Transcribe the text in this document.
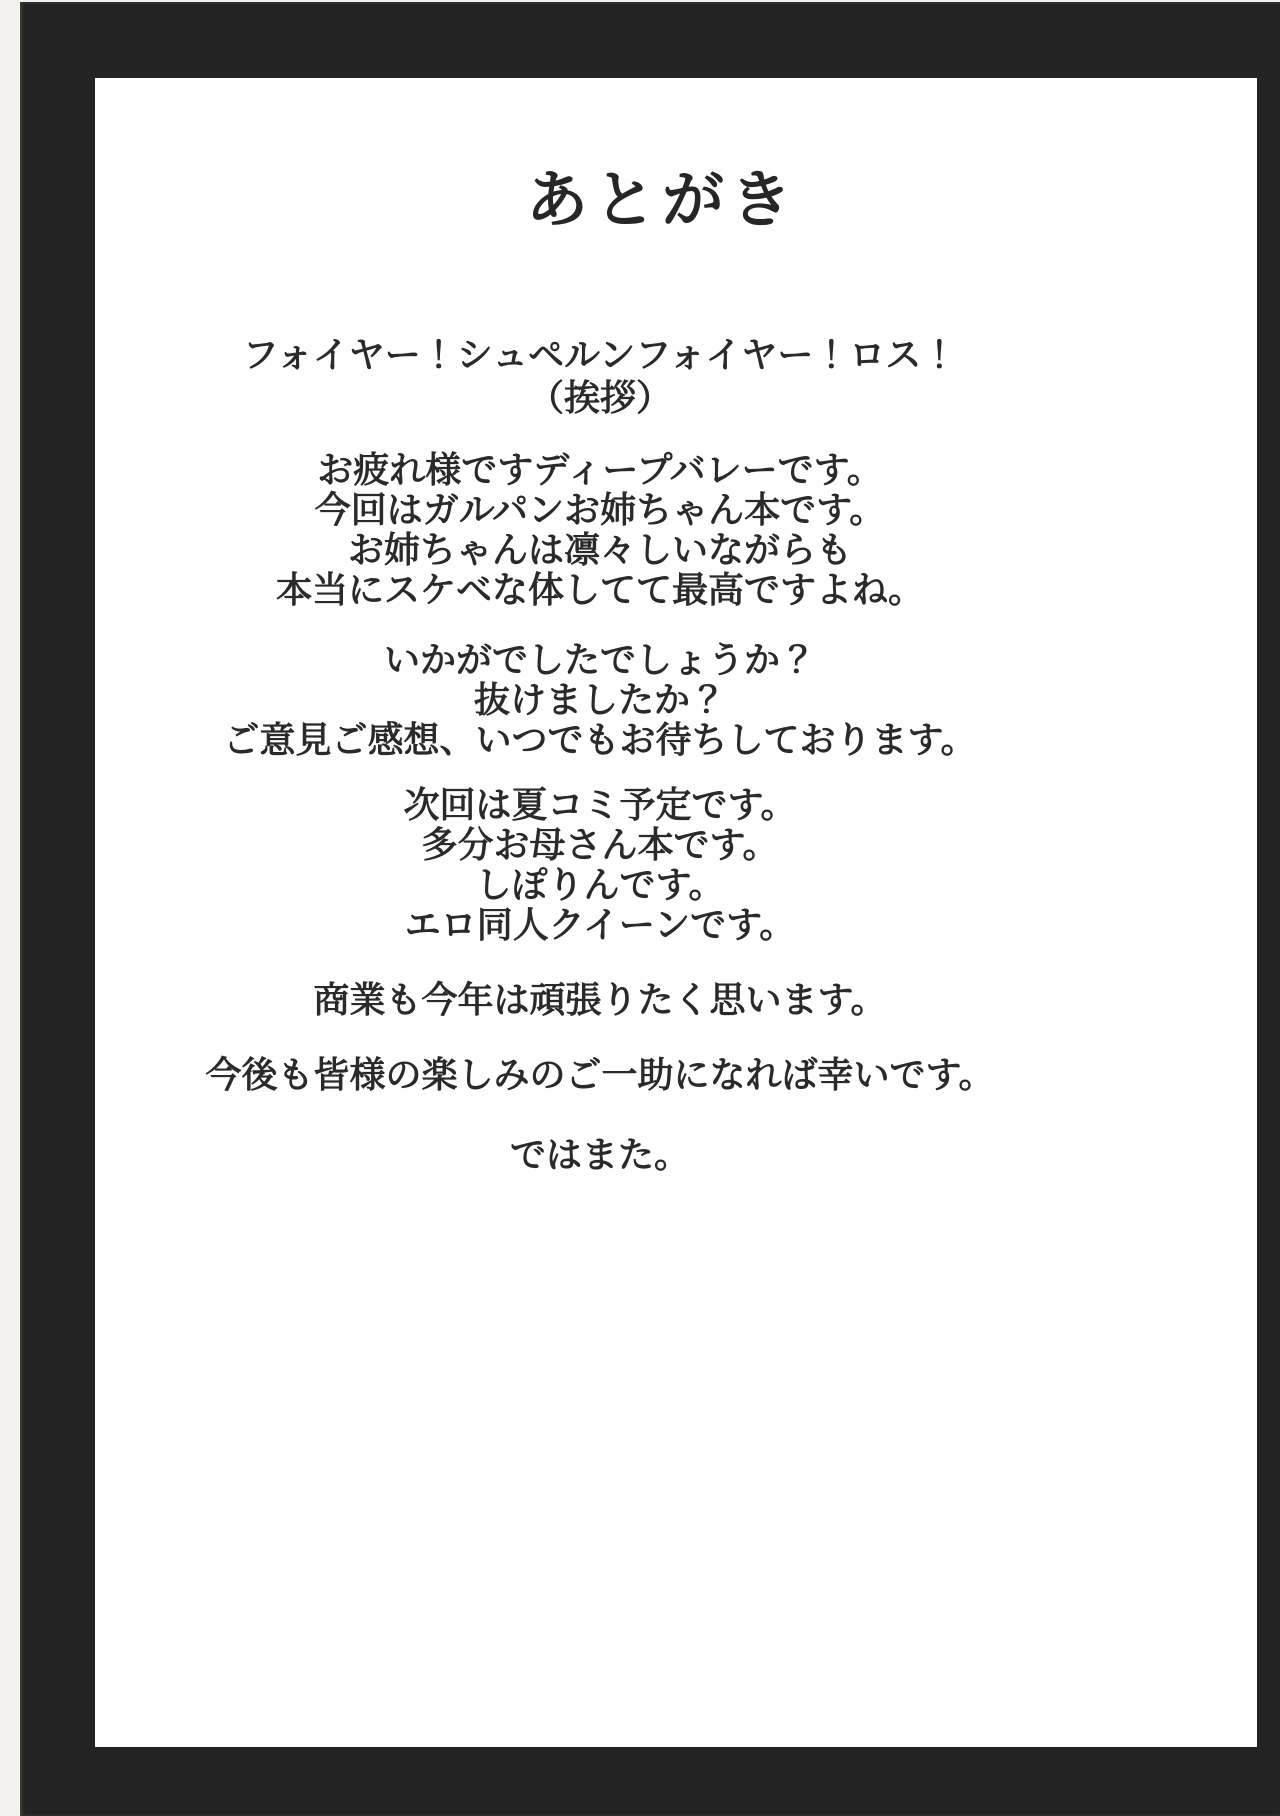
あとがき
フォイヤー！シュペルンフォイヤー！ロス！
（挨拶）
お疲れ様ですディープバレーです。
今回はガルパンお姉ちゃん本です。
お姉ちゃんは凛々しいながらも
本当にスケベな体してて最高ですよね。
いかがでしたでしょうか？
抜けましたか？
ご意見ご感想、いつでもお待ちしております。
次回は夏コミ予定です。
多分お母さん本です。
しぽりんです。
エロ同人クイーンです。
商業も今年は頑張りたく思います。
今後も皆様の楽しみのご一助になれば幸いです。
ではまた。
